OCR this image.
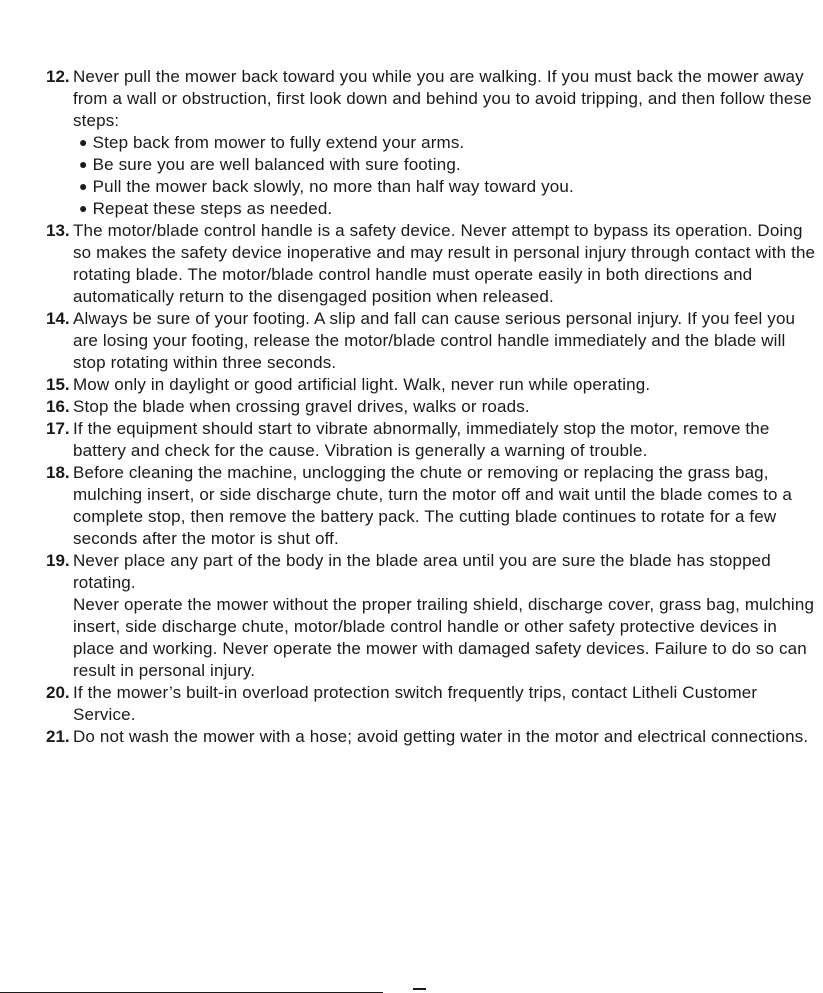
12. Never pull the mower back toward you while you are walking. If you must back the mower away from a wall or obstruction, first look down and behind you to avoid tripping, and then follow these steps:
● Step back from mower to fully extend your arms.
● Be sure you are well balanced with sure footing.
● Pull the mower back slowly, no more than half way toward you.
● Repeat these steps as needed.
13. The motor/blade control handle is a safety device. Never attempt to bypass its operation. Doing so makes the safety device inoperative and may result in personal injury through contact with the rotating blade. The motor/blade control handle must operate easily in both directions and automatically return to the disengaged position when released.
14. Always be sure of your footing. A slip and fall can cause serious personal injury. If you feel you are losing your footing, release the motor/blade control handle immediately and the blade will stop rotating within three seconds.
15. Mow only in daylight or good artificial light. Walk, never run while operating.
16. Stop the blade when crossing gravel drives, walks or roads.
17. If the equipment should start to vibrate abnormally, immediately stop the motor, remove the battery and check for the cause. Vibration is generally a warning of trouble.
18. Before cleaning the machine, unclogging the chute or removing or replacing the grass bag, mulching insert, or side discharge chute, turn the motor off and wait until the blade comes to a complete stop, then remove the battery pack. The cutting blade continues to rotate for a few seconds after the motor is shut off.
19. Never place any part of the body in the blade area until you are sure the blade has stopped rotating.
Never operate the mower without the proper trailing shield, discharge cover, grass bag, mulching insert, side discharge chute, motor/blade control handle or other safety protective devices in place and working. Never operate the mower with damaged safety devices. Failure to do so can result in personal injury.
20. If the mower’s built-in overload protection switch frequently trips, contact Litheli Customer Service.
21. Do not wash the mower with a hose; avoid getting water in the motor and electrical connections.
